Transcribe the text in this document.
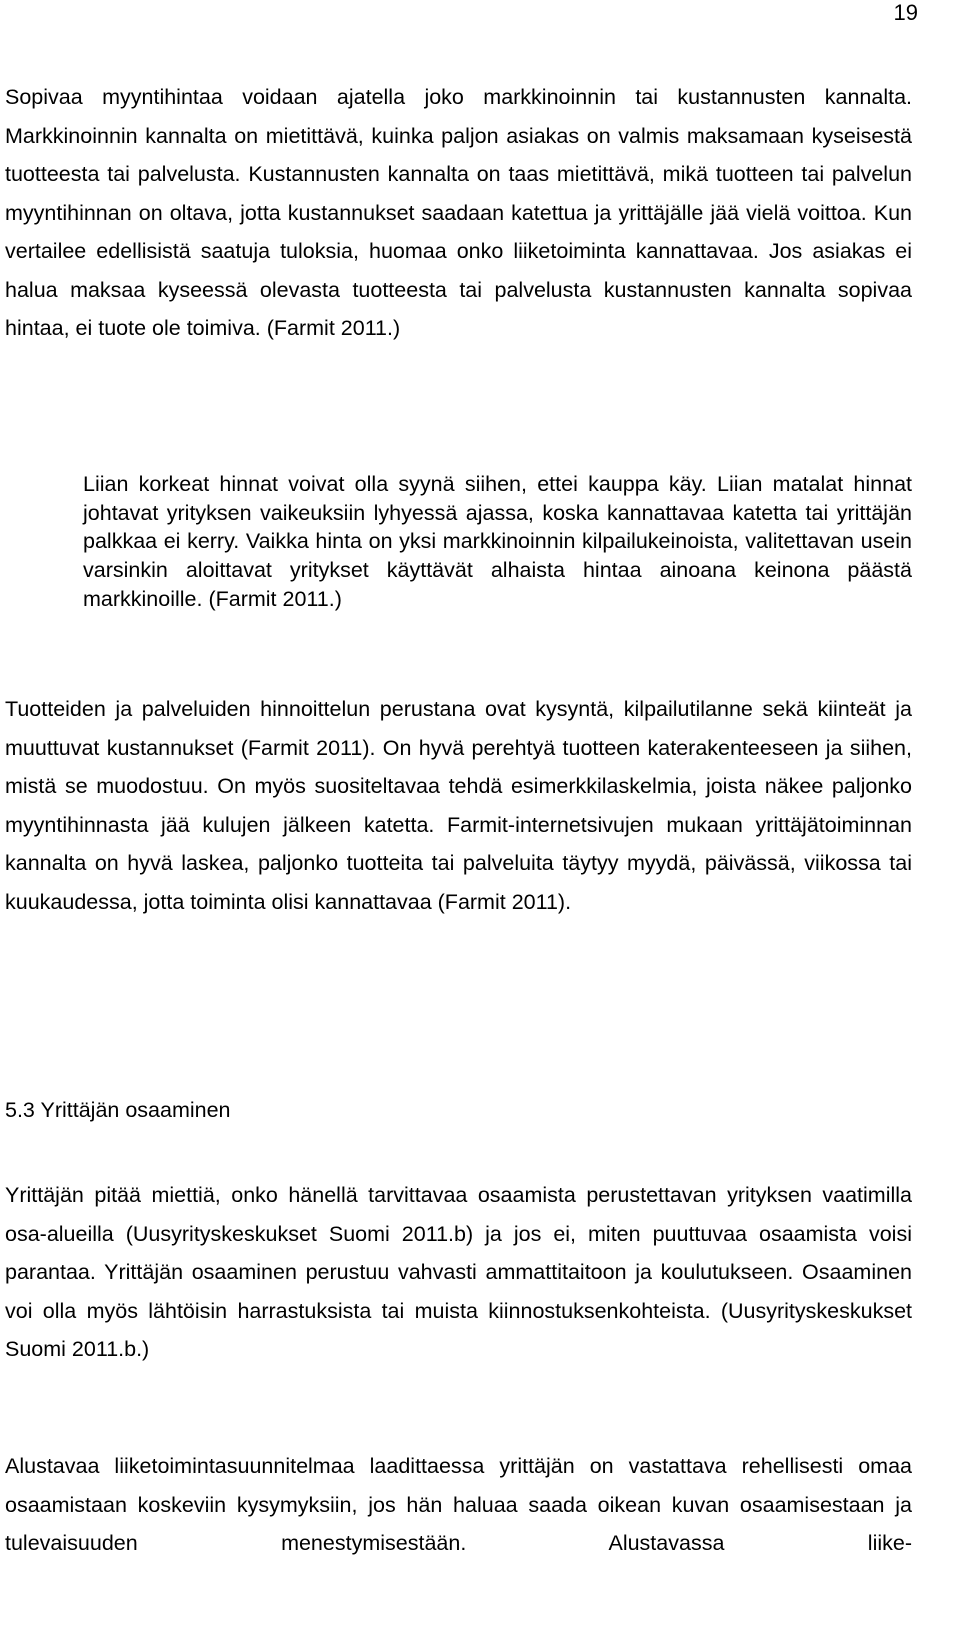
19

Sopivaa myyntihintaa voidaan ajatella joko markkinoinnin tai kustannusten kannalta. Markkinoinnin kannalta on mietittävä, kuinka paljon asiakas on valmis maksamaan kyseisestä tuotteesta tai palvelusta. Kustannusten kannalta on taas mietittävä, mikä tuotteen tai palvelun myyntihinnan on oltava, jotta kustannukset saadaan katettua ja yrittäjälle jää vielä voittoa. Kun vertailee edellisistä saatuja tuloksia, huomaa onko liiketoiminta kannattavaa. Jos asiakas ei halua maksaa kyseessä olevasta tuotteesta tai palvelusta kustannusten kannalta sopivaa hintaa, ei tuote ole toimiva. (Farmit 2011.)

Liian korkeat hinnat voivat olla syynä siihen, ettei kauppa käy. Liian matalat hinnat johtavat yrityksen vaikeuksiin lyhyessä ajassa, koska kannattavaa katetta tai yrittäjän palkkaa ei kerry. Vaikka hinta on yksi markkinoinnin kilpailukeinoista, valitettavan usein varsinkin aloittavat yritykset käyttävät alhaista hintaa ainoana keinona päästä markkinoille. (Farmit 2011.)

Tuotteiden ja palveluiden hinnoittelun perustana ovat kysyntä, kilpailutilanne sekä kiinteät ja muuttuvat kustannukset (Farmit 2011). On hyvä perehtyä tuotteen katerakenteeseen ja siihen, mistä se muodostuu. On myös suositeltavaa tehdä esimerkkilaskelmia, joista näkee paljonko myyntihinnasta jää kulujen jälkeen katetta. Farmit-internetsivujen mukaan yrittäjätoiminnan kannalta on hyvä laskea, paljonko tuotteita tai palveluita täytyy myydä, päivässä, viikossa tai kuukaudessa, jotta toiminta olisi kannattavaa (Farmit 2011).

5.3 Yrittäjän osaaminen

Yrittäjän pitää miettiä, onko hänellä tarvittavaa osaamista perustettavan yrityksen vaatimilla osa-alueilla (Uusyrityskeskukset Suomi 2011.b) ja jos ei, miten puuttuvaa osaamista voisi parantaa. Yrittäjän osaaminen perustuu vahvasti ammattitaitoon ja koulutukseen. Osaaminen voi olla myös lähtöisin harrastuksista tai muista kiinnostuksenkohteista. (Uusyrityskeskukset Suomi 2011.b.)

Alustavaa liiketoimintasuunnitelmaa laadittaessa yrittäjän on vastattava rehellisesti omaa osaamistaan koskeviin kysymyksiin, jos hän haluaa saada oikean kuvan osaamisestaan ja tulevaisuuden menestymisestään. Alustavassa liike-
